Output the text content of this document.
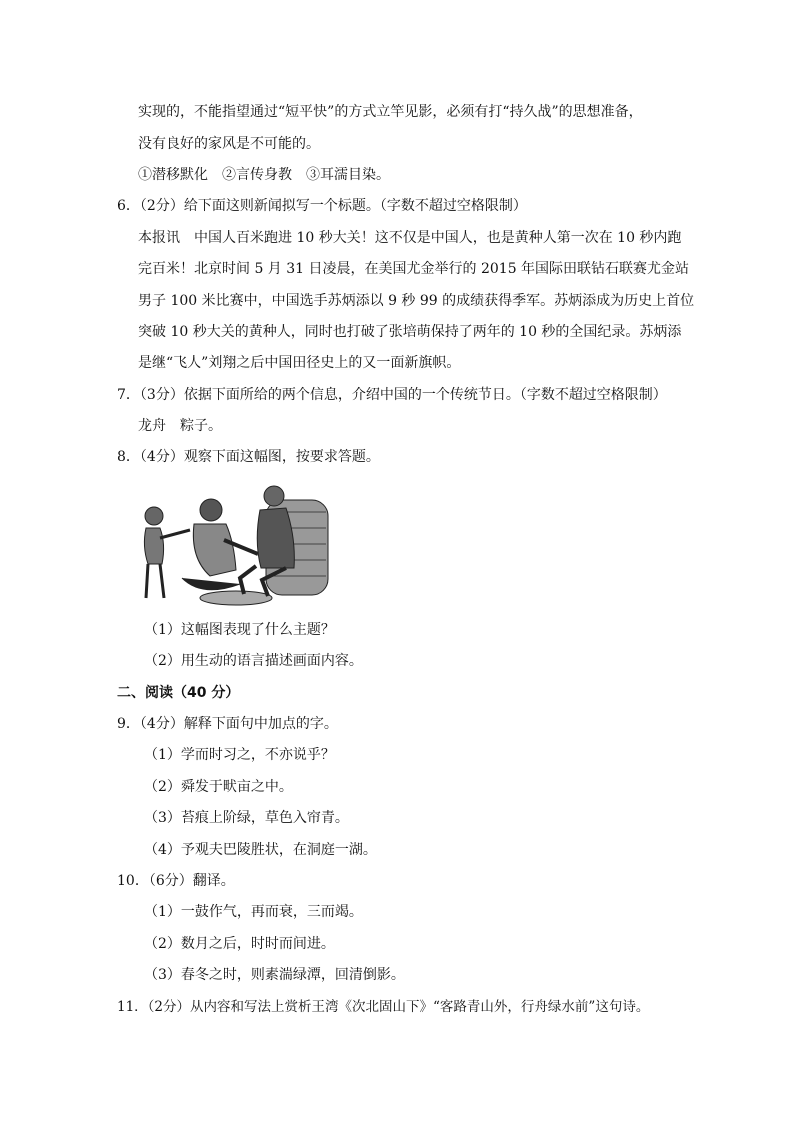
实现的，不能指望通过“短平快”的方式立竿见影，必须有打“持久战”的思想准备，
没有良好的家风是不可能的。
①潜移默化　②言传身教　③耳濡目染。
6．（2分）给下面这则新闻拟写一个标题。（字数不超过空格限制）
本报讯　中国人百米跑进 10 秒大关！这不仅是中国人，也是黄种人第一次在 10 秒内跑
完百米！北京时间 5 月 31 日凌晨，在美国尤金举行的 2015 年国际田联钻石联赛尤金站
男子 100 米比赛中，中国选手苏炳添以 9 秒 99 的成绩获得季军。苏炳添成为历史上首位
突破 10 秒大关的黄种人，同时也打破了张培萌保持了两年的 10 秒的全国纪录。苏炳添
是继“飞人”刘翔之后中国田径史上的又一面新旗帜。
7．（3分）依据下面所给的两个信息，介绍中国的一个传统节日。（字数不超过空格限制）
龙舟　粽子。
8．（4分）观察下面这幅图，按要求答题。
（1）这幅图表现了什么主题？
（2）用生动的语言描述画面内容。
二、阅读（40 分）
9．（4分）解释下面句中加点的字。
（1）学而时习之，不亦说乎？
（2）舜发于畎亩之中。
（3）苔痕上阶绿，草色入帘青。
（4）予观夫巴陵胜状，在洞庭一湖。
10．（6分）翻译。
（1）一鼓作气，再而衰，三而竭。
（2）数月之后，时时而间进。
（3）春冬之时，则素湍绿潭，回清倒影。
11．（2分）从内容和写法上赏析王湾《次北固山下》“客路青山外，行舟绿水前”这句诗。
